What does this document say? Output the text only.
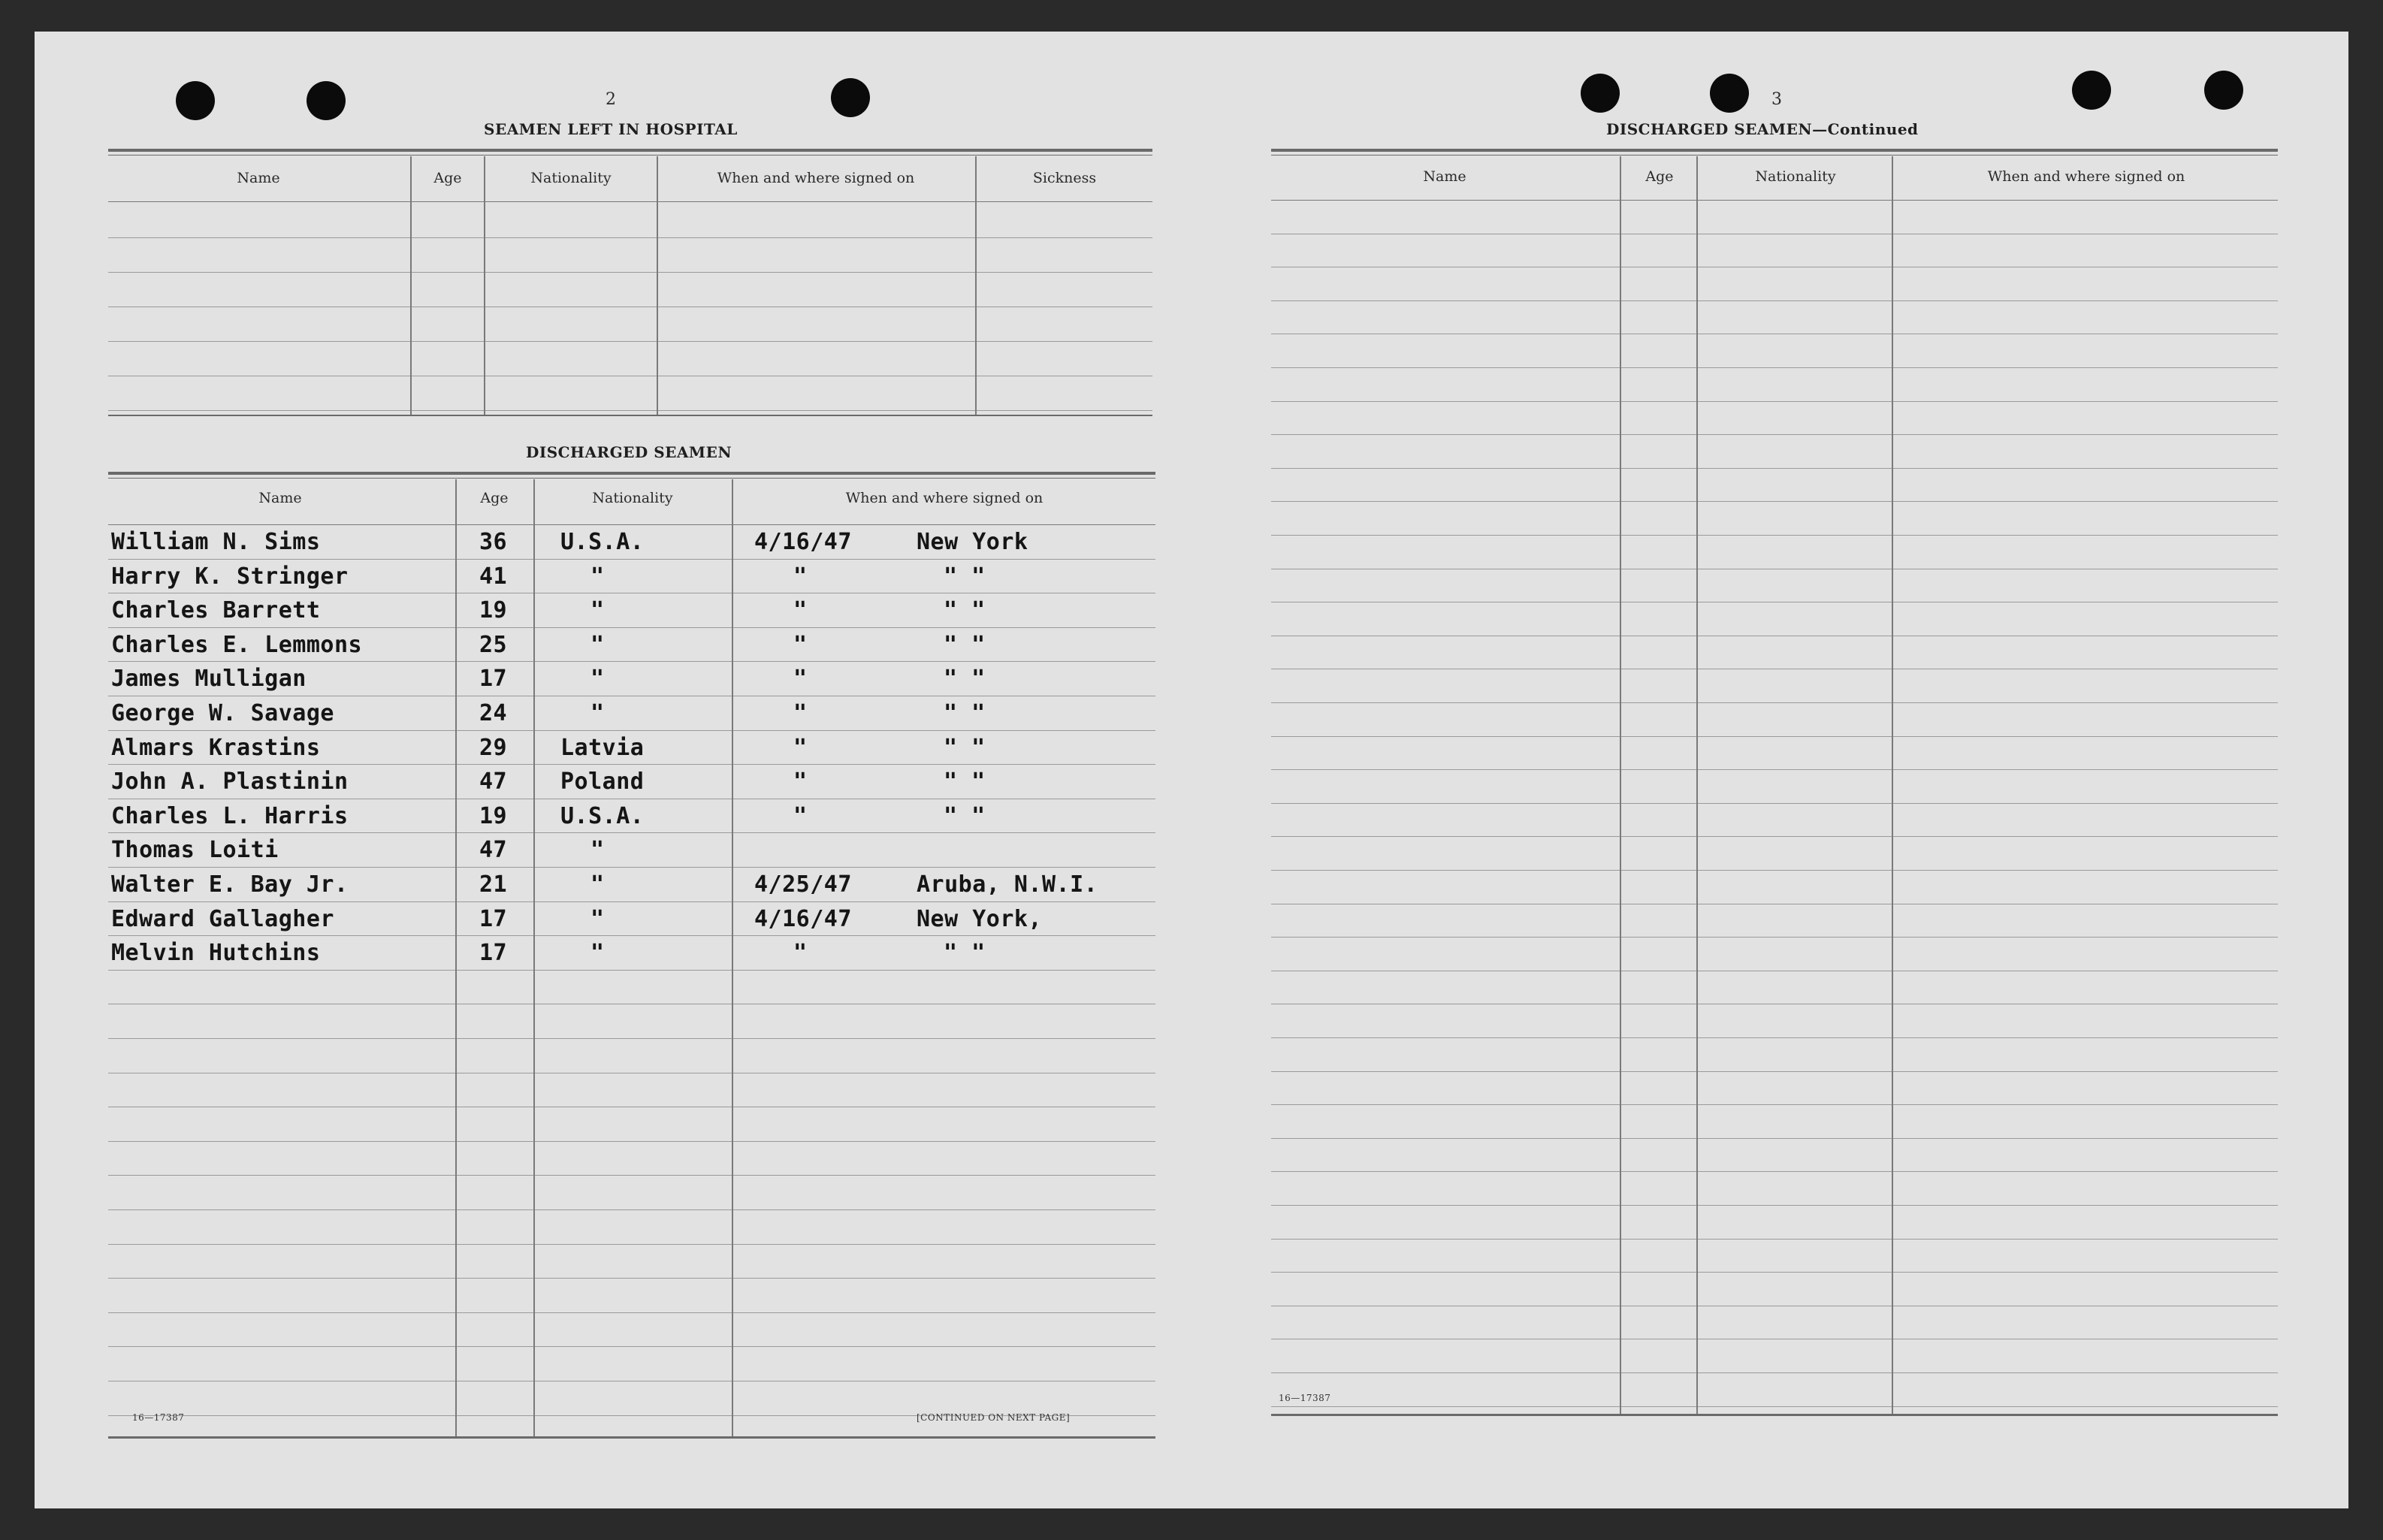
2
SEAMEN LEFT IN HOSPITAL
Name	Age	Nationality	When and where signed on	Sickness
DISCHARGED SEAMEN
Name	Age	Nationality	When and where signed on
William N. Sims	36 U.S.A.	4/16/47	New York
Harry K. Stringer	41	"	"	" "
Charles Barrett	19	"	"	" "
Charles E. Lemmons	25	"	"	" "
James Mulligan	17	"	"	" "
George W. Savage	24	"	"	" "
Almars Krastins	29 Latvia	"	" "
John A. Plastinin	47 Poland	"	" "
Charles L. Harris	19 U.S.A.	"	" "
Thomas Loiti	47	"
Walter E. Bay Jr.	21	"	4/25/47	Aruba, N.W.I.
Edward Gallagher	17	"	4/16/47	New York,
Melvin Hutchins	17	"	"	" "
16—17387	[CONTINUED ON NEXT PAGE]
3
DISCHARGED SEAMEN—Continued
Name	Age	Nationality	When and where signed on
16—17387
